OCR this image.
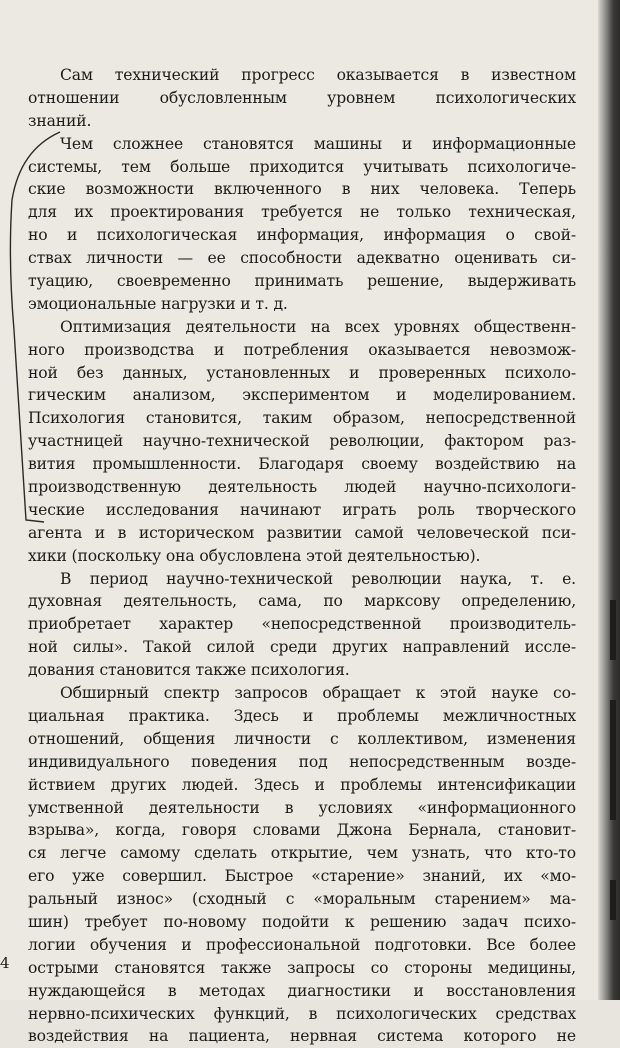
Сам технический прогресс оказывается в известном
отношении обусловленным уровнем психологических
знаний.
Чем сложнее становятся машины и информационные
системы, тем больше приходится учитывать психологиче-
ские возможности включенного в них человека. Теперь
для их проектирования требуется не только техническая,
но и психологическая информация, информация о свой-
ствах личности — ее способности адекватно оценивать си-
туацию, своевременно принимать решение, выдерживать
эмоциональные нагрузки и т. д.
Оптимизация деятельности на всех уровнях общественн-
ного производства и потребления оказывается невозмож-
ной без данных, установленных и проверенных психоло-
гическим анализом, экспериментом и моделированием.
Психология становится, таким образом, непосредственной
участницей научно-технической революции, фактором раз-
вития промышленности. Благодаря своему воздействию на
производственную деятельность людей научно-психологи-
ческие исследования начинают играть роль творческого
агента и в историческом развитии самой человеческой пси-
хики (поскольку она обусловлена этой деятельностью).
В период научно-технической революции наука, т. е.
духовная деятельность, сама, по марксову определению,
приобретает характер «непосредственной производитель-
ной силы». Такой силой среди других направлений иссле-
дования становится также психология.
Обширный спектр запросов обращает к этой науке со-
циальная практика. Здесь и проблемы межличностных
отношений, общения личности с коллективом, изменения
индивидуального поведения под непосредственным возде-
йствием других людей. Здесь и проблемы интенсификации
умственной деятельности в условиях «информационного
взрыва», когда, говоря словами Джона Бернала, становит-
ся легче самому сделать открытие, чем узнать, что кто-то
его уже совершил. Быстрое «старение» знаний, их «мо-
ральный износ» (сходный с «моральным старением» ма-
шин) требует по-новому подойти к решению задач психо-
логии обучения и профессиональной подготовки. Все более
острыми становятся также запросы со стороны медицины,
нуждающейся в методах диагностики и восстановления
нервно-психических функций, в психологических средствах
воздействия на пациента, нервная система которого не
4
